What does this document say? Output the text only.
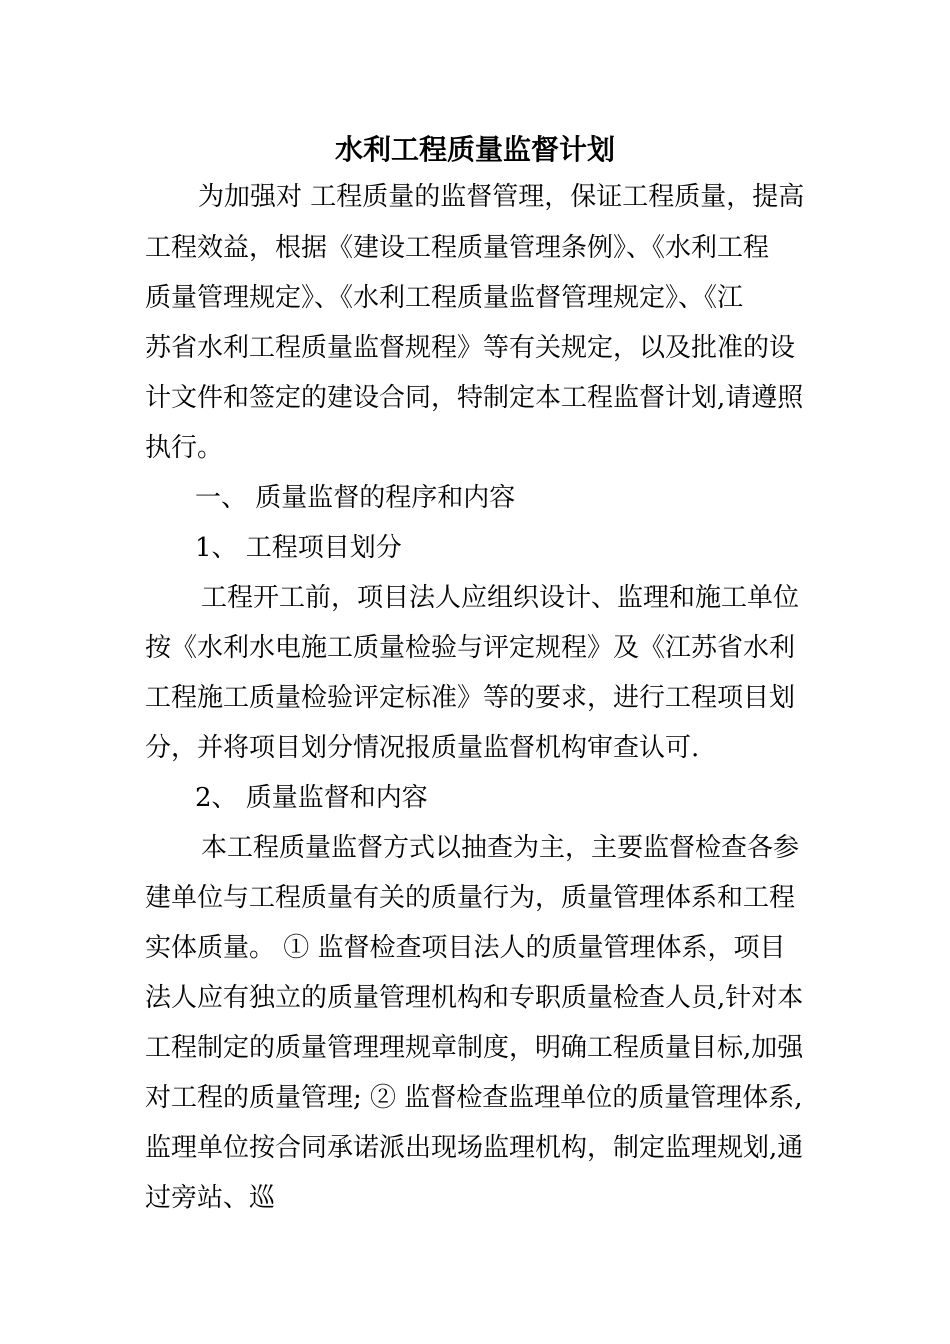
水利工程质量监督计划

为加强对 工程质量的监督管理，保证工程质量，提高

工程效益，根据《建设工程质量管理条例》、《水利工程

质量管理规定》、《水利工程质量监督管理规定》、《江

苏省水利工程质量监督规程》等有关规定，以及批准的设

计文件和签定的建设合同，特制定本工程监督计划,请遵照

执行。

一、 质量监督的程序和内容

1、 工程项目划分

工程开工前，项目法人应组织设计、监理和施工单位

按《水利水电施工质量检验与评定规程》及《江苏省水利

工程施工质量检验评定标准》等的要求，进行工程项目划

分，并将项目划分情况报质量监督机构审查认可.

2、 质量监督和内容

本工程质量监督方式以抽查为主，主要监督检查各参

建单位与工程质量有关的质量行为，质量管理体系和工程

实体质量。 ① 监督检查项目法人的质量管理体系，项目

法人应有独立的质量管理机构和专职质量检查人员,针对本

工程制定的质量管理理规章制度，明确工程质量目标,加强

对工程的质量管理; ② 监督检查监理单位的质量管理体系,

监理单位按合同承诺派出现场监理机构，制定监理规划,通

过旁站、巡
